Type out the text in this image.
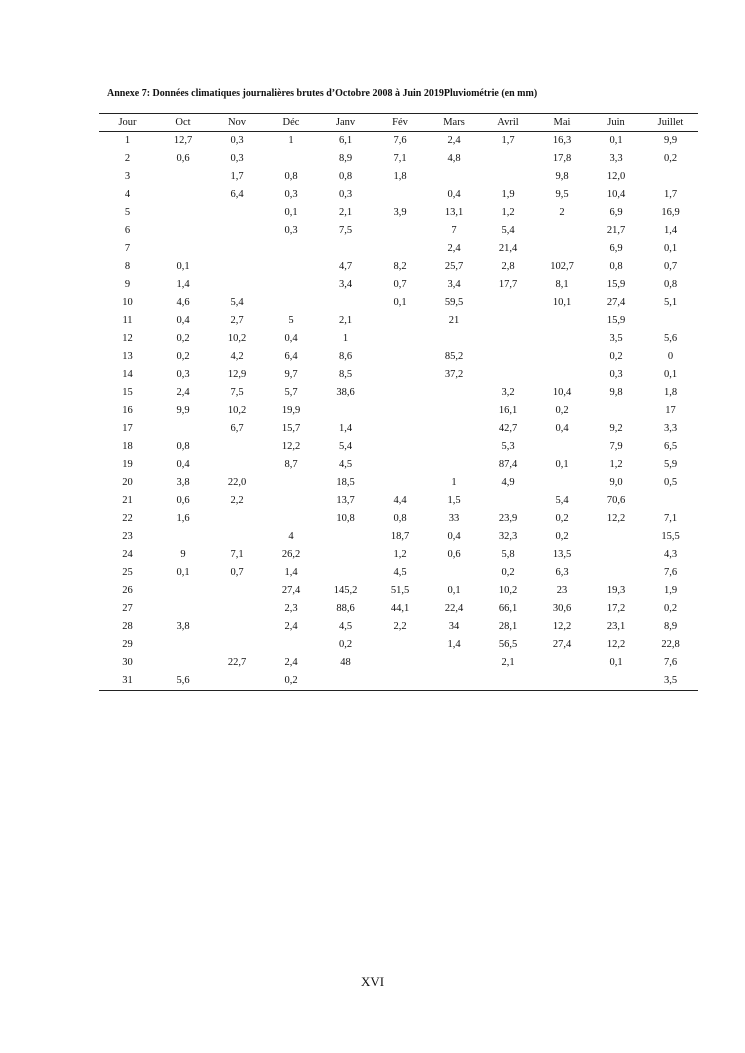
Annexe 7: Données climatiques journalières brutes d’Octobre 2008 à Juin 2019Pluviométrie (en mm)
Jour	Oct	Nov	Déc	Janv	Fév	Mars	Avril	Mai	Juin	Juillet
1	12,7	0,3	1	6,1	7,6	2,4	1,7	16,3	0,1	9,9
2	0,6	0,3		8,9	7,1	4,8		17,8	3,3	0,2
3		1,7	0,8	0,8	1,8			9,8	12,0	
4		6,4	0,3	0,3		0,4	1,9	9,5	10,4	1,7
5			0,1	2,1	3,9	13,1	1,2	2	6,9	16,9
6			0,3	7,5		7	5,4		21,7	1,4
7						2,4	21,4		6,9	0,1
8	0,1			4,7	8,2	25,7	2,8	102,7	0,8	0,7
9	1,4			3,4	0,7	3,4	17,7	8,1	15,9	0,8
10	4,6	5,4			0,1	59,5		10,1	27,4	5,1
11	0,4	2,7	5	2,1		21			15,9	
12	0,2	10,2	0,4	1					3,5	5,6
13	0,2	4,2	6,4	8,6		85,2			0,2	0
14	0,3	12,9	9,7	8,5		37,2			0,3	0,1
15	2,4	7,5	5,7	38,6			3,2	10,4	9,8	1,8
16	9,9	10,2	19,9				16,1	0,2		17
17		6,7	15,7	1,4			42,7	0,4	9,2	3,3
18	0,8		12,2	5,4			5,3		7,9	6,5
19	0,4		8,7	4,5			87,4	0,1	1,2	5,9
20	3,8	22,0		18,5		1	4,9		9,0	0,5
21	0,6	2,2		13,7	4,4	1,5		5,4	70,6	
22	1,6			10,8	0,8	33	23,9	0,2	12,2	7,1
23			4		18,7	0,4	32,3	0,2		15,5
24	9	7,1	26,2		1,2	0,6	5,8	13,5		4,3
25	0,1	0,7	1,4		4,5		0,2	6,3		7,6
26			27,4	145,2	51,5	0,1	10,2	23	19,3	1,9
27			2,3	88,6	44,1	22,4	66,1	30,6	17,2	0,2
28	3,8		2,4	4,5	2,2	34	28,1	12,2	23,1	8,9
29				0,2		1,4	56,5	27,4	12,2	22,8
30		22,7	2,4	48			2,1		0,1	7,6
31	5,6		0,2							3,5
XVI
